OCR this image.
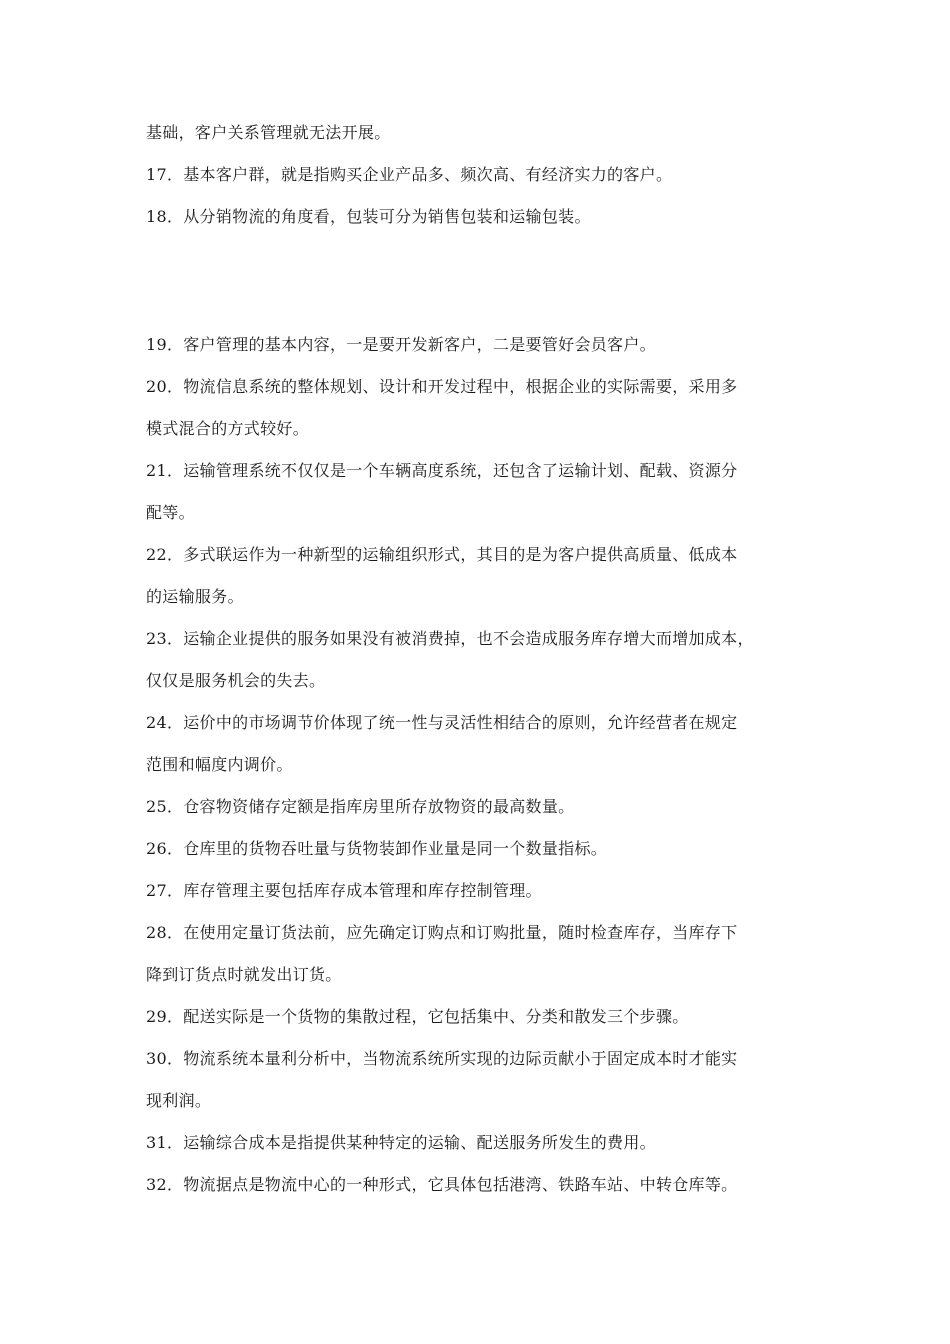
基础，客户关系管理就无法开展。

17．基本客户群，就是指购买企业产品多、频次高、有经济实力的客户。

18．从分销物流的角度看，包装可分为销售包装和运输包装。

19．客户管理的基本内容，一是要开发新客户，二是要管好会员客户。

20．物流信息系统的整体规划、设计和开发过程中，根据企业的实际需要，采用多

模式混合的方式较好。

21．运输管理系统不仅仅是一个车辆高度系统，还包含了运输计划、配载、资源分

配等。

22．多式联运作为一种新型的运输组织形式，其目的是为客户提供高质量、低成本

的运输服务。

23．运输企业提供的服务如果没有被消费掉，也不会造成服务库存增大而增加成本，

仅仅是服务机会的失去。

24．运价中的市场调节价体现了统一性与灵活性相结合的原则，允许经营者在规定

范围和幅度内调价。

25．仓容物资储存定额是指库房里所存放物资的最高数量。

26．仓库里的货物吞吐量与货物装卸作业量是同一个数量指标。

27．库存管理主要包括库存成本管理和库存控制管理。

28．在使用定量订货法前，应先确定订购点和订购批量，随时检查库存，当库存下

降到订货点时就发出订货。

29．配送实际是一个货物的集散过程，它包括集中、分类和散发三个步骤。

30．物流系统本量利分析中，当物流系统所实现的边际贡献小于固定成本时才能实

现利润。

31．运输综合成本是指提供某种特定的运输、配送服务所发生的费用。

32．物流据点是物流中心的一种形式，它具体包括港湾、铁路车站、中转仓库等。
